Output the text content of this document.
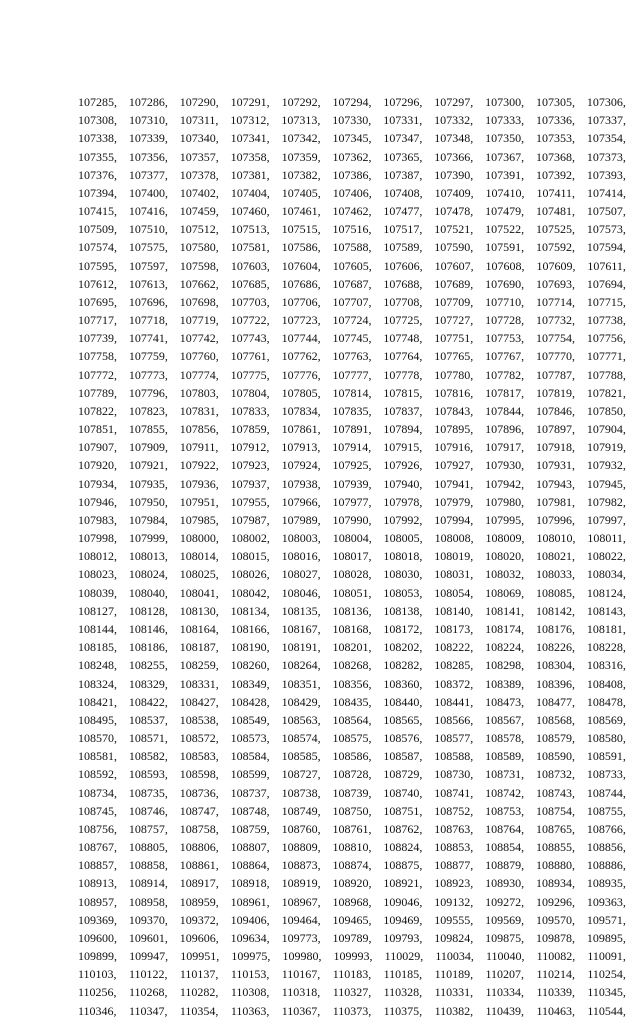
107285, 107286, 107290, 107291, 107292, 107294, 107296, 107297, 107300, 107305, 107306,
107308, 107310, 107311, 107312, 107313, 107330, 107331, 107332, 107333, 107336, 107337,
107338, 107339, 107340, 107341, 107342, 107345, 107347, 107348, 107350, 107353, 107354,
107355, 107356, 107357, 107358, 107359, 107362, 107365, 107366, 107367, 107368, 107373,
107376, 107377, 107378, 107381, 107382, 107386, 107387, 107390, 107391, 107392, 107393,
107394, 107400, 107402, 107404, 107405, 107406, 107408, 107409, 107410, 107411, 107414,
107415, 107416, 107459, 107460, 107461, 107462, 107477, 107478, 107479, 107481, 107507,
107509, 107510, 107512, 107513, 107515, 107516, 107517, 107521, 107522, 107525, 107573,
107574, 107575, 107580, 107581, 107586, 107588, 107589, 107590, 107591, 107592, 107594,
107595, 107597, 107598, 107603, 107604, 107605, 107606, 107607, 107608, 107609, 107611,
107612, 107613, 107662, 107685, 107686, 107687, 107688, 107689, 107690, 107693, 107694,
107695, 107696, 107698, 107703, 107706, 107707, 107708, 107709, 107710, 107714, 107715,
107717, 107718, 107719, 107722, 107723, 107724, 107725, 107727, 107728, 107732, 107738,
107739, 107741, 107742, 107743, 107744, 107745, 107748, 107751, 107753, 107754, 107756,
107758, 107759, 107760, 107761, 107762, 107763, 107764, 107765, 107767, 107770, 107771,
107772, 107773, 107774, 107775, 107776, 107777, 107778, 107780, 107782, 107787, 107788,
107789, 107796, 107803, 107804, 107805, 107814, 107815, 107816, 107817, 107819, 107821,
107822, 107823, 107831, 107833, 107834, 107835, 107837, 107843, 107844, 107846, 107850,
107851, 107855, 107856, 107859, 107861, 107891, 107894, 107895, 107896, 107897, 107904,
107907, 107909, 107911, 107912, 107913, 107914, 107915, 107916, 107917, 107918, 107919,
107920, 107921, 107922, 107923, 107924, 107925, 107926, 107927, 107930, 107931, 107932,
107934, 107935, 107936, 107937, 107938, 107939, 107940, 107941, 107942, 107943, 107945,
107946, 107950, 107951, 107955, 107966, 107977, 107978, 107979, 107980, 107981, 107982,
107983, 107984, 107985, 107987, 107989, 107990, 107992, 107994, 107995, 107996, 107997,
107998, 107999, 108000, 108002, 108003, 108004, 108005, 108008, 108009, 108010, 108011,
108012, 108013, 108014, 108015, 108016, 108017, 108018, 108019, 108020, 108021, 108022,
108023, 108024, 108025, 108026, 108027, 108028, 108030, 108031, 108032, 108033, 108034,
108039, 108040, 108041, 108042, 108046, 108051, 108053, 108054, 108069, 108085, 108124,
108127, 108128, 108130, 108134, 108135, 108136, 108138, 108140, 108141, 108142, 108143,
108144, 108146, 108164, 108166, 108167, 108168, 108172, 108173, 108174, 108176, 108181,
108185, 108186, 108187, 108190, 108191, 108201, 108202, 108222, 108224, 108226, 108228,
108248, 108255, 108259, 108260, 108264, 108268, 108282, 108285, 108298, 108304, 108316,
108324, 108329, 108331, 108349, 108351, 108356, 108360, 108372, 108389, 108396, 108408,
108421, 108422, 108427, 108428, 108429, 108435, 108440, 108441, 108473, 108477, 108478,
108495, 108537, 108538, 108549, 108563, 108564, 108565, 108566, 108567, 108568, 108569,
108570, 108571, 108572, 108573, 108574, 108575, 108576, 108577, 108578, 108579, 108580,
108581, 108582, 108583, 108584, 108585, 108586, 108587, 108588, 108589, 108590, 108591,
108592, 108593, 108598, 108599, 108727, 108728, 108729, 108730, 108731, 108732, 108733,
108734, 108735, 108736, 108737, 108738, 108739, 108740, 108741, 108742, 108743, 108744,
108745, 108746, 108747, 108748, 108749, 108750, 108751, 108752, 108753, 108754, 108755,
108756, 108757, 108758, 108759, 108760, 108761, 108762, 108763, 108764, 108765, 108766,
108767, 108805, 108806, 108807, 108809, 108810, 108824, 108853, 108854, 108855, 108856,
108857, 108858, 108861, 108864, 108873, 108874, 108875, 108877, 108879, 108880, 108886,
108913, 108914, 108917, 108918, 108919, 108920, 108921, 108923, 108930, 108934, 108935,
108957, 108958, 108959, 108961, 108967, 108968, 109046, 109132, 109272, 109296, 109363,
109369, 109370, 109372, 109406, 109464, 109465, 109469, 109555, 109569, 109570, 109571,
109600, 109601, 109606, 109634, 109773, 109789, 109793, 109824, 109875, 109878, 109895,
109899, 109947, 109951, 109975, 109980, 109993, 110029, 110034, 110040, 110082, 110091,
110103, 110122, 110137, 110153, 110167, 110183, 110185, 110189, 110207, 110214, 110254,
110256, 110268, 110282, 110308, 110318, 110327, 110328, 110331, 110334, 110339, 110345,
110346, 110347, 110354, 110363, 110367, 110373, 110375, 110382, 110439, 110463, 110544,
